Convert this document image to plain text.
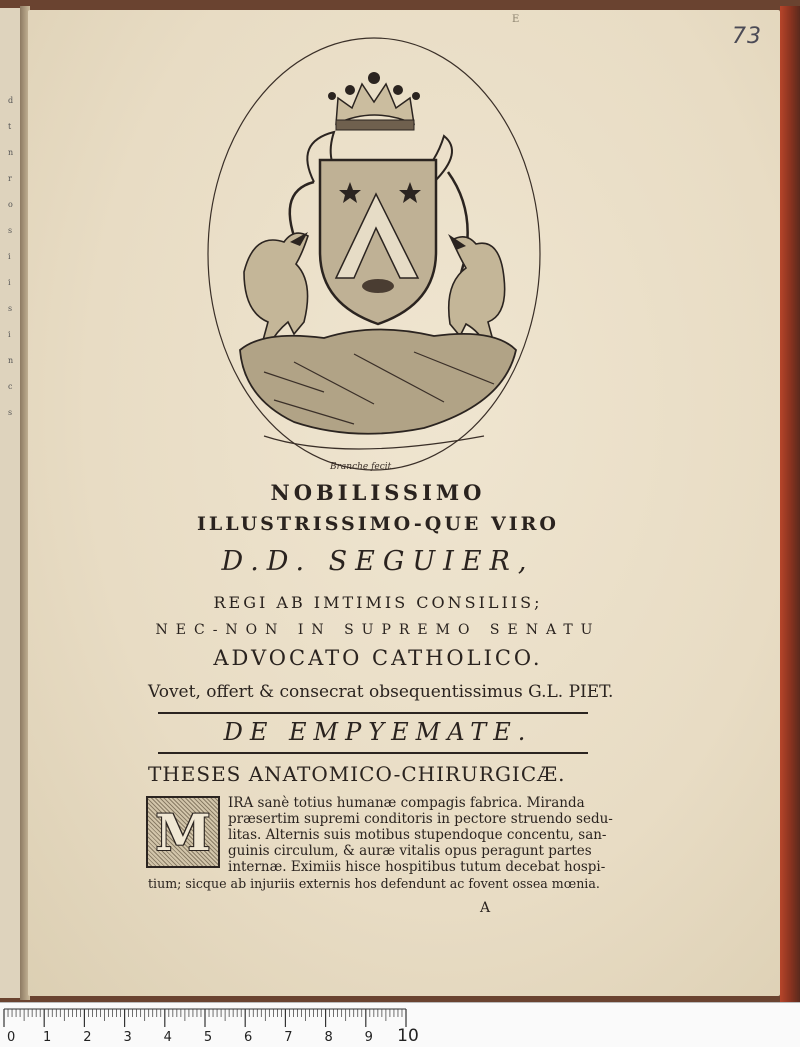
d
t
n
r
o
s
i
i
s
i
n
c
s
E
73
Branche fecit
NOBILISSIMO
ILLUSTRISSIMO-QUE VIRO
D.D. SEGUIER,
REGI AB IMTIMIS CONSILIIS;
NEC-NON IN SUPREMO SENATU
ADVOCATO CATHOLICO.
Vovet, offert & consecrat obsequentissimus G.L. PIET.
DE EMPYEMATE.
THESES ANATOMICO-CHIRURGICÆ.
M IRA sanè totius humanæ compagis fabrica. Miranda
præsertim supremi conditoris in pectore struendo sedu-
litas. Alternis suis motibus stupendoque concentu, san-
guinis circulum, & auræ vitalis opus peragunt partes
internæ. Eximiis hisce hospitibus tutum decebat hospi-
tium; sicque ab injuriis externis hos defendunt ac fovent ossea mœnia.
A
0 1 2 3 4 5 6 7 8 9 10
